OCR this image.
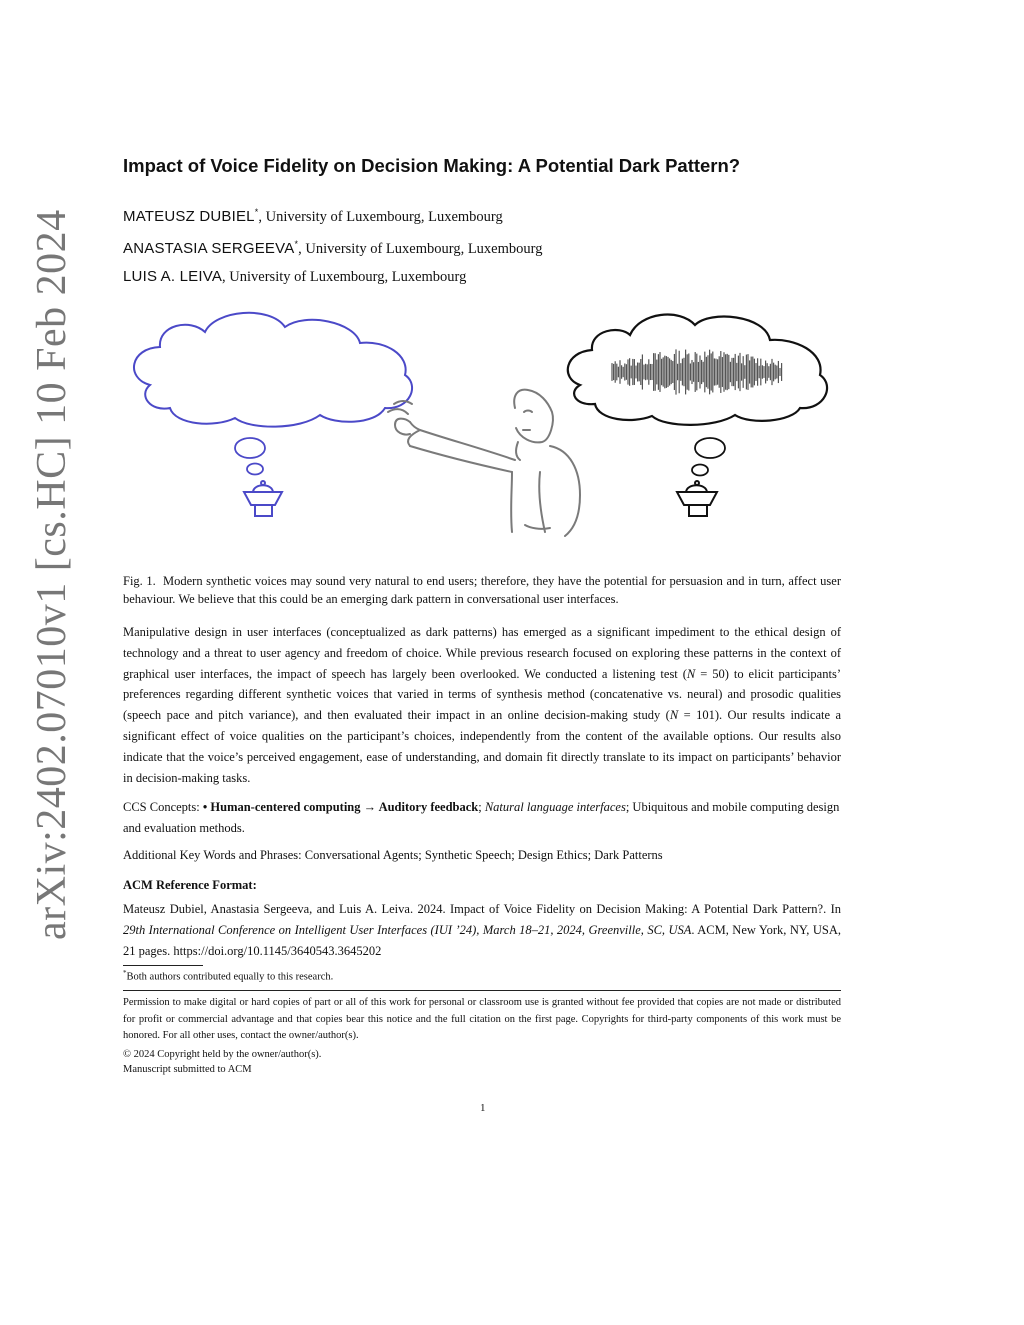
arXiv:2402.07010v1 [cs.HC] 10 Feb 2024
Impact of Voice Fidelity on Decision Making: A Potential Dark Pattern?
MATEUSZ DUBIEL*, University of Luxembourg, Luxembourg
ANASTASIA SERGEEVA*, University of Luxembourg, Luxembourg
LUIS A. LEIVA, University of Luxembourg, Luxembourg
Fig. 1. Modern synthetic voices may sound very natural to end users; therefore, they have the potential for persuasion and in turn, affect user behaviour. We believe that this could be an emerging dark pattern in conversational user interfaces.

Manipulative design in user interfaces (conceptualized as dark patterns) has emerged as a significant impediment to the ethical design of technology and a threat to user agency and freedom of choice. While previous research focused on exploring these patterns in the context of graphical user interfaces, the impact of speech has largely been overlooked. We conducted a listening test (N = 50) to elicit participants’ preferences regarding different synthetic voices that varied in terms of synthesis method (concatenative vs. neural) and prosodic qualities (speech pace and pitch variance), and then evaluated their impact in an online decision-making study (N = 101). Our results indicate a significant effect of voice qualities on the participant’s choices, independently from the content of the available options. Our results also indicate that the voice’s perceived engagement, ease of understanding, and domain fit directly translate to its impact on participants’ behavior in decision-making tasks.

CCS Concepts: • Human-centered computing → Auditory feedback; Natural language interfaces; Ubiquitous and mobile computing design and evaluation methods.
Additional Key Words and Phrases: Conversational Agents; Synthetic Speech; Design Ethics; Dark Patterns
ACM Reference Format:
Mateusz Dubiel, Anastasia Sergeeva, and Luis A. Leiva. 2024. Impact of Voice Fidelity on Decision Making: A Potential Dark Pattern?. In 29th International Conference on Intelligent User Interfaces (IUI ’24), March 18–21, 2024, Greenville, SC, USA. ACM, New York, NY, USA, 21 pages. https://doi.org/10.1145/3640543.3645202
*Both authors contributed equally to this research.
Permission to make digital or hard copies of part or all of this work for personal or classroom use is granted without fee provided that copies are not made or distributed for profit or commercial advantage and that copies bear this notice and the full citation on the first page. Copyrights for third-party components of this work must be honored. For all other uses, contact the owner/author(s).
© 2024 Copyright held by the owner/author(s).
Manuscript submitted to ACM
1
